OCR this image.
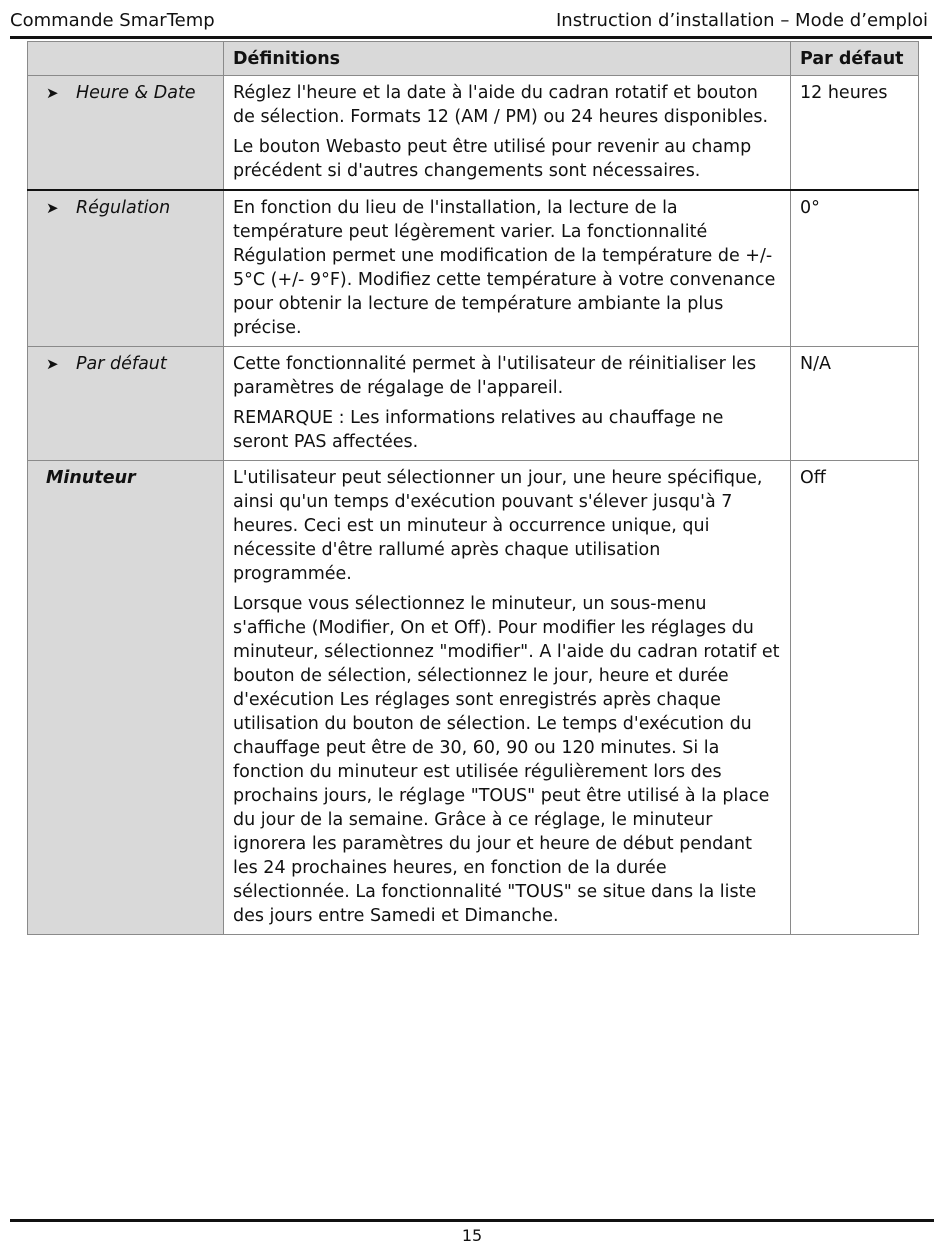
Commande SmarTemp	Instruction d’installation – Mode d’emploi
	Définitions	Par défaut
➤ Heure & Date	Réglez l'heure et la date à l'aide du cadran rotatif et bouton de sélection. Formats 12 (AM / PM) ou 24 heures disponibles.

Le bouton Webasto peut être utilisé pour revenir au champ précédent si d'autres changements sont nécessaires.	12 heures
➤ Régulation	En fonction du lieu de l'installation, la lecture de la température peut légèrement varier. La fonctionnalité Régulation permet une modification de la température de +/- 5°C (+/- 9°F). Modifiez cette température à votre convenance pour obtenir la lecture de température ambiante la plus précise.	0°
➤ Par défaut	Cette fonctionnalité permet à l'utilisateur de réinitialiser les paramètres de régalage de l'appareil.

REMARQUE : Les informations relatives au chauffage ne seront PAS affectées.	N/A
Minuteur	L'utilisateur peut sélectionner un jour, une heure spécifique, ainsi qu'un temps d'exécution pouvant s'élever jusqu'à 7 heures. Ceci est un minuteur à occurrence unique, qui nécessite d'être rallumé après chaque utilisation programmée.

Lorsque vous sélectionnez le minuteur, un sous-menu s'affiche (Modifier, On et Off). Pour modifier les réglages du minuteur, sélectionnez "modifier". A l'aide du cadran rotatif et bouton de sélection, sélectionnez le jour, heure et durée d'exécution Les réglages sont enregistrés après chaque utilisation du bouton de sélection. Le temps d'exécution du chauffage peut être de 30, 60, 90 ou 120 minutes. Si la fonction du minuteur est utilisée régulièrement lors des prochains jours, le réglage "TOUS" peut être utilisé à la place du jour de la semaine. Grâce à ce réglage, le minuteur ignorera les paramètres du jour et heure de début pendant les 24 prochaines heures, en fonction de la durée sélectionnée. La fonctionnalité "TOUS" se situe dans la liste des jours entre Samedi et Dimanche.	Off
15
